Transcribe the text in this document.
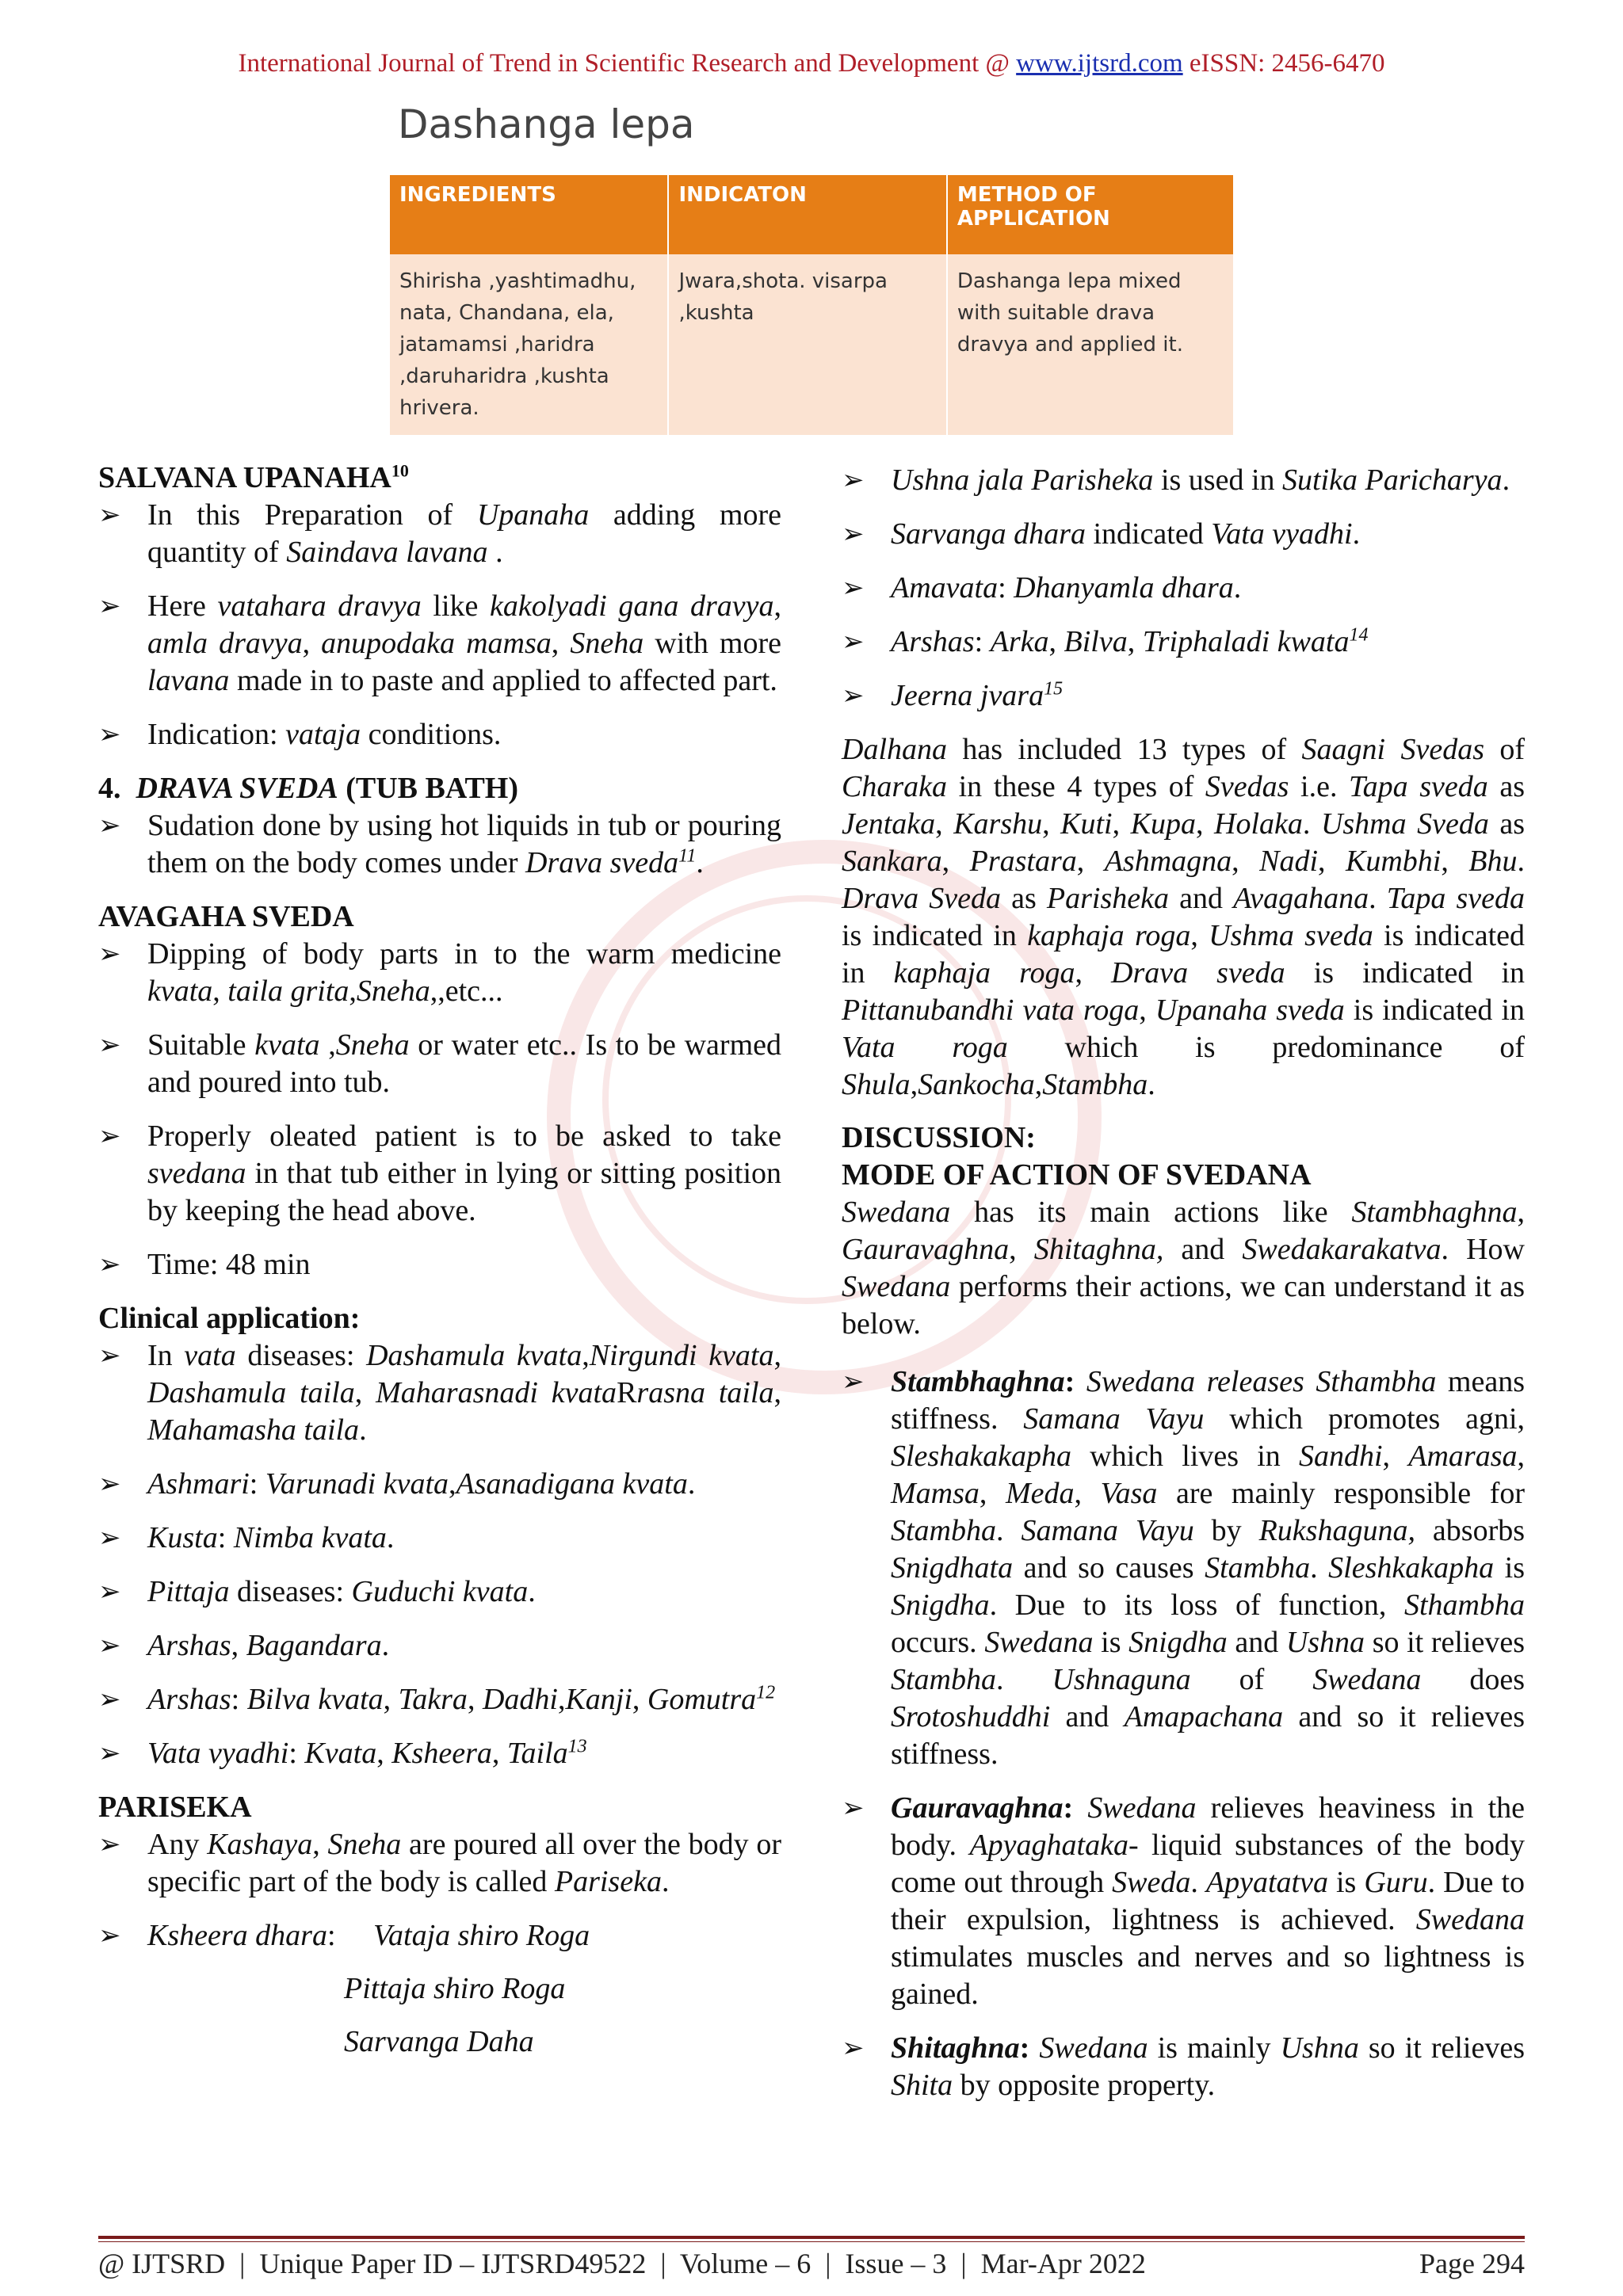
International Journal of Trend in Scientific Research and Development @ www.ijtsrd.com eISSN: 2456-6470
Dashanga lepa
INGREDIENTS	INDICATON	METHOD OF APPLICATION
Shirisha ,yashtimadhu, nata, Chandana, ela, jatamamsi ,haridra ,daruharidra ,kushta hrivera.	Jwara,shota. visarpa ,kushta	Dashanga lepa mixed with suitable drava dravya and applied it.

SALVANA UPANAHA$^{10}$

➢ In this Preparation of Upanaha adding more quantity of Saindava lavana .
➢ Here vatahara dravya like kakolyadi gana dravya, amla dravya, anupodaka mamsa, Sneha with more lavana made in to paste and applied to affected part.
➢ Indication: vataja conditions.

4.  DRAVA SVEDA (TUB BATH)

➢ Sudation done by using hot liquids in tub or pouring them on the body comes under Drava sveda$^{11}$.

AVAGAHA SVEDA

➢ Dipping of body parts in to the warm medicine kvata, taila grita,Sneha,,etc...
➢ Suitable kvata ,Sneha or water etc.. Is to be warmed and poured into tub.
➢ Properly oleated patient is to be asked to take svedana in that tub either in lying or sitting position by keeping the head above.
➢ Time: 48 min

Clinical application:

➢ In vata diseases: Dashamula kvata,Nirgundi kvata, Dashamula taila, Maharasnadi kvataRrasna taila, Mahamasha taila.
➢ Ashmari: Varunadi kvata,Asanadigana kvata.
➢ Kusta: Nimba kvata.
➢ Pittaja diseases: Guduchi kvata.
➢ Arshas, Bagandara.
➢ Arshas: Bilva kvata, Takra, Dadhi,Kanji, Gomutra$^{12}$
➢ Vata vyadhi: Kvata, Ksheera, Taila$^{13}$

PARISEKA

➢ Any Kashaya, Sneha are poured all over the body or specific part of the body is called Pariseka.
➢ Ksheera dhara:     Vataja shiro Roga

Pittaja shiro Roga

Sarvanga Daha

➢ Ushna jala Parisheka is used in Sutika Paricharya.
➢ Sarvanga dhara indicated Vata vyadhi.
➢ Amavata: Dhanyamla dhara.
➢ Arshas: Arka, Bilva, Triphaladi kwata$^{14}$
➢ Jeerna jvara$^{15}$

Dalhana has included 13 types of Saagni Svedas of Charaka in these 4 types of Svedas i.e. Tapa sveda as Jentaka, Karshu, Kuti, Kupa, Holaka. Ushma Sveda as Sankara, Prastara, Ashmagna, Nadi, Kumbhi, Bhu. Drava Sveda as Parisheka and Avagahana. Tapa sveda is indicated in kaphaja roga, Ushma sveda is indicated in kaphaja roga, Drava sveda is indicated in Pittanubandhi vata roga, Upanaha sveda is indicated in Vata roga which is predominance of Shula,Sankocha,Stambha.

DISCUSSION:

MODE OF ACTION OF SVEDANA

Swedana has its main actions like Stambhaghna, Gauravaghna, Shitaghna, and Swedakarakatva. How Swedana performs their actions, we can understand it as below.

➢ Stambhaghna: Swedana releases Sthambha means stiffness. Samana Vayu which promotes agni, Sleshakakapha which lives in Sandhi, Amarasa, Mamsa, Meda, Vasa are mainly responsible for Stambha. Samana Vayu by Rukshaguna, absorbs Snigdhata and so causes Stambha. Sleshkakapha is Snigdha. Due to its loss of function, Sthambha occurs. Swedana is Snigdha and Ushna so it relieves Stambha. Ushnaguna of Swedana does Srotoshuddhi and Amapachana and so it relieves stiffness.
➢ Gauravaghna: Swedana relieves heaviness in the body. Apyaghataka- liquid substances of the body come out through Sweda. Apyatatva is Guru. Due to their expulsion, lightness is achieved. Swedana stimulates muscles and nerves and so lightness is gained.
➢ Shitaghna: Swedana is mainly Ushna so it relieves Shita by opposite property.
@ IJTSRD  |  Unique Paper ID – IJTSRD49522  |  Volume – 6  |  Issue – 3  |  Mar-Apr 2022	Page 294
